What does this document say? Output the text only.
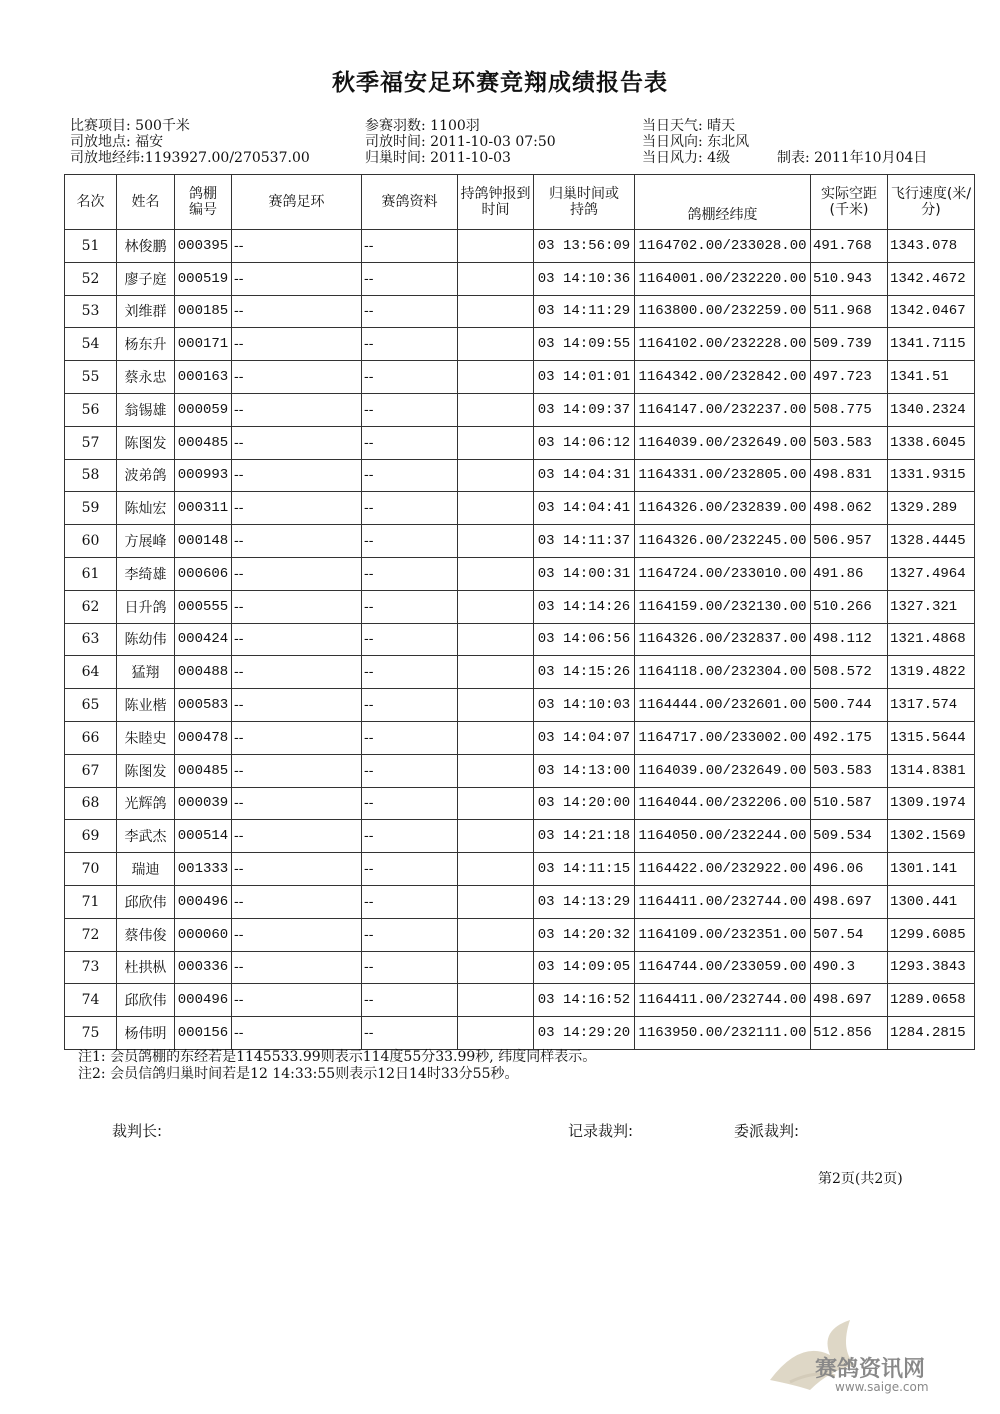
秋季福安足环赛竞翔成绩报告表
比赛项目: 500千米
司放地点: 福安
司放地经纬:1193927.00/270537.00
参赛羽数: 1100羽
司放时间: 2011-10-03 07:50
归巢时间: 2011-10-03
当日天气: 晴天
当日风向: 东北风
当日风力: 4级	制表: 2011年10月04日
名次	姓名	鸽棚编号	赛鸽足环	赛鸽资料	持鸽钟报到时间	归巢时间或持鸽	鸽棚经纬度	实际空距(千米)	飞行速度(米/分)
51	林俊鹏	000395	--	--		03 13:56:09	1164702.00/233028.00	491.768	1343.078
52	廖子庭	000519	--	--		03 14:10:36	1164001.00/232220.00	510.943	1342.4672
53	刘维群	000185	--	--		03 14:11:29	1163800.00/232259.00	511.968	1342.0467
54	杨东升	000171	--	--		03 14:09:55	1164102.00/232228.00	509.739	1341.7115
55	蔡永忠	000163	--	--		03 14:01:01	1164342.00/232842.00	497.723	1341.51
56	翁锡雄	000059	--	--		03 14:09:37	1164147.00/232237.00	508.775	1340.2324
57	陈图发	000485	--	--		03 14:06:12	1164039.00/232649.00	503.583	1338.6045
58	波弟鸽	000993	--	--		03 14:04:31	1164331.00/232805.00	498.831	1331.9315
59	陈灿宏	000311	--	--		03 14:04:41	1164326.00/232839.00	498.062	1329.289
60	方展峰	000148	--	--		03 14:11:37	1164326.00/232245.00	506.957	1328.4445
61	李绮雄	000606	--	--		03 14:00:31	1164724.00/233010.00	491.86	1327.4964
62	日升鸽	000555	--	--		03 14:14:26	1164159.00/232130.00	510.266	1327.321
63	陈幼伟	000424	--	--		03 14:06:56	1164326.00/232837.00	498.112	1321.4868
64	猛翔	000488	--	--		03 14:15:26	1164118.00/232304.00	508.572	1319.4822
65	陈业楷	000583	--	--		03 14:10:03	1164444.00/232601.00	500.744	1317.574
66	朱睦史	000478	--	--		03 14:04:07	1164717.00/233002.00	492.175	1315.5644
67	陈图发	000485	--	--		03 14:13:00	1164039.00/232649.00	503.583	1314.8381
68	光辉鸽	000039	--	--		03 14:20:00	1164044.00/232206.00	510.587	1309.1974
69	李武杰	000514	--	--		03 14:21:18	1164050.00/232244.00	509.534	1302.1569
70	瑞迪	001333	--	--		03 14:11:15	1164422.00/232922.00	496.06	1301.141
71	邱欣伟	000496	--	--		03 14:13:29	1164411.00/232744.00	498.697	1300.441
72	蔡伟俊	000060	--	--		03 14:20:32	1164109.00/232351.00	507.54	1299.6085
73	杜拱枞	000336	--	--		03 14:09:05	1164744.00/233059.00	490.3	1293.3843
74	邱欣伟	000496	--	--		03 14:16:52	1164411.00/232744.00	498.697	1289.0658
75	杨伟明	000156	--	--		03 14:29:20	1163950.00/232111.00	512.856	1284.2815
注1: 会员鸽棚的东经若是1145533.99则表示114度55分33.99秒, 纬度同样表示。
注2: 会员信鸽归巢时间若是12 14:33:55则表示12日14时33分55秒。
裁判长:	记录裁判:	委派裁判:
第2页(共2页)
赛鸽资讯网
www.saige.com
